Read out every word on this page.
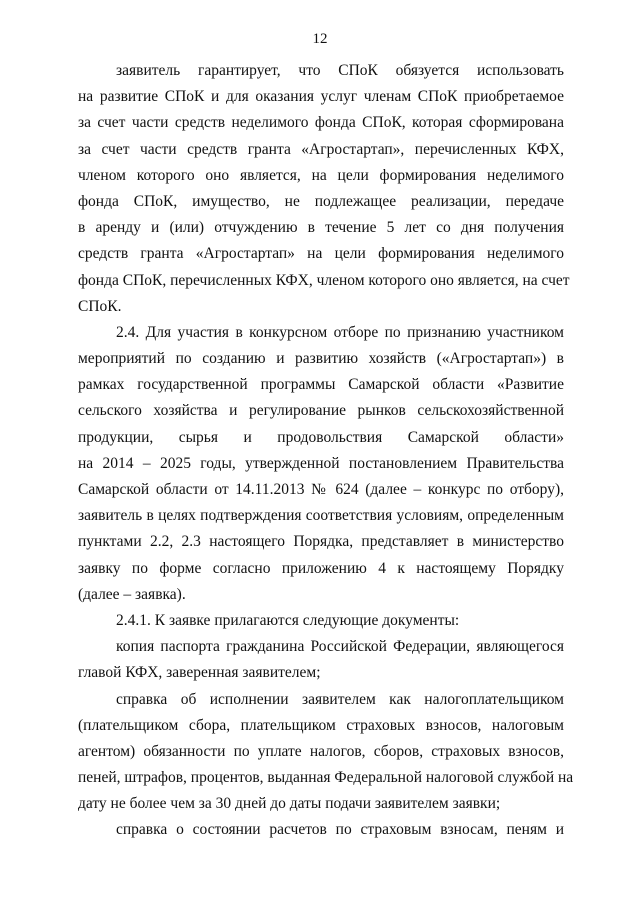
12
заявитель гарантирует, что СПоК обязуется использовать
на развитие СПоК и для оказания услуг членам СПоК приобретаемое
за счет части средств неделимого фонда СПоК, которая сформирована
за счет части средств гранта «Агростартап», перечисленных КФХ,
членом которого оно является, на цели формирования неделимого
фонда СПоК, имущество, не подлежащее реализации, передаче
в аренду и (или) отчуждению в течение 5 лет со дня получения
средств гранта «Агростартап» на цели формирования неделимого
фонда СПоК, перечисленных КФХ, членом которого оно является, на счет
СПоК.
2.4. Для участия в конкурсном отборе по признанию участником
мероприятий по созданию и развитию хозяйств («Агростартап») в
рамках государственной программы Самарской области «Развитие
сельского хозяйства и регулирование рынков сельскохозяйственной
продукции, сырья и продовольствия Самарской области»
на 2014 – 2025 годы, утвержденной постановлением Правительства
Самарской области от 14.11.2013 № 624 (далее – конкурс по отбору),
заявитель в целях подтверждения соответствия условиям, определенным
пунктами 2.2, 2.3 настоящего Порядка, представляет в министерство
заявку по форме согласно приложению 4 к настоящему Порядку
(далее – заявка).
2.4.1. К заявке прилагаются следующие документы:
копия паспорта гражданина Российской Федерации, являющегося
главой КФХ, заверенная заявителем;
справка об исполнении заявителем как налогоплательщиком
(плательщиком сбора, плательщиком страховых взносов, налоговым
агентом) обязанности по уплате налогов, сборов, страховых взносов,
пеней, штрафов, процентов, выданная Федеральной налоговой службой на
дату не более чем за 30 дней до даты подачи заявителем заявки;
справка о состоянии расчетов по страховым взносам, пеням и
